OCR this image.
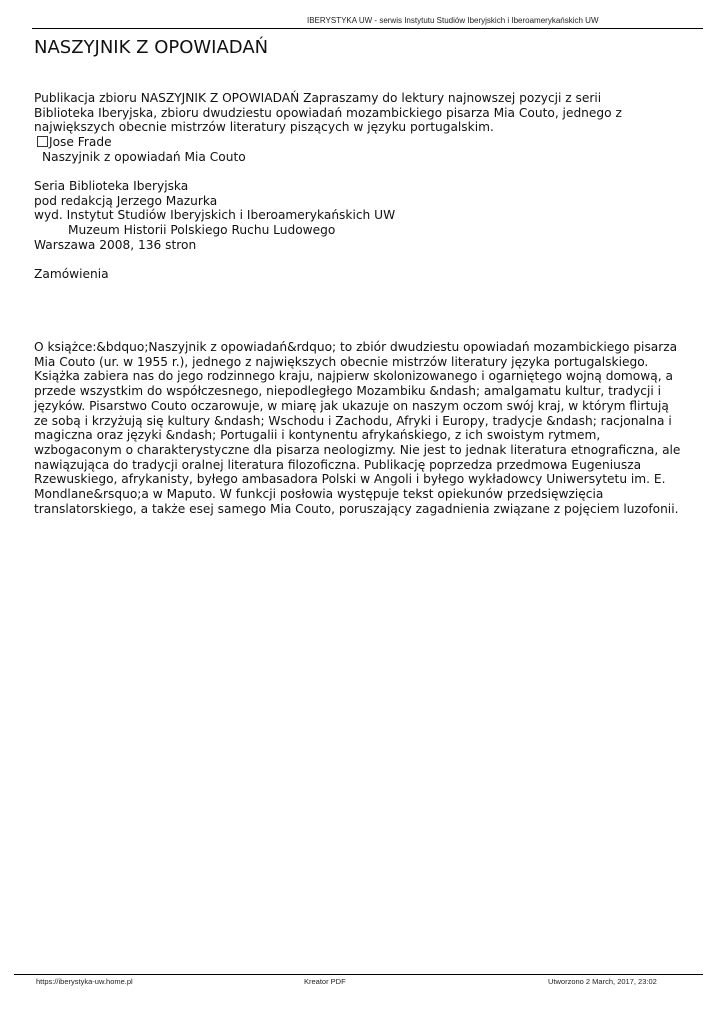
IBERYSTYKA UW - serwis Instytutu Studiów Iberyjskich i Iberoamerykańskich UW
NASZYJNIK Z OPOWIADAŃ

Publikacja zbioru NASZYJNIK Z OPOWIADAŃ Zapraszamy do lektury najnowszej pozycji z serii

Biblioteka Iberyjska, zbioru dwudziestu opowiadań mozambickiego pisarza Mia Couto, jednego z

największych obecnie mistrzów literatury piszących w języku portugalskim.

Jose Frade

Naszyjnik z opowiadań Mia Couto

Seria Biblioteka Iberyjska

pod redakcją Jerzego Mazurka

wyd. Instytut Studiów Iberyjskich i Iberoamerykańskich UW

Muzeum Historii Polskiego Ruchu Ludowego

Warszawa 2008, 136 stron

Zamówienia

O książce:&bdquo;Naszyjnik z opowiadań&rdquo; to zbiór dwudziestu opowiadań mozambickiego pisarza

Mia Couto (ur. w 1955 r.), jednego z największych obecnie mistrzów literatury języka portugalskiego.

Książka zabiera nas do jego rodzinnego kraju, najpierw skolonizowanego i ogarniętego wojną domową, a

przede wszystkim do współczesnego, niepodległego Mozambiku &ndash; amalgamatu kultur, tradycji i

języków. Pisarstwo Couto oczarowuje, w miarę jak ukazuje on naszym oczom swój kraj, w którym flirtują

ze sobą i krzyżują się kultury &ndash; Wschodu i Zachodu, Afryki i Europy, tradycje &ndash; racjonalna i

magiczna oraz języki &ndash; Portugalii i kontynentu afrykańskiego, z ich swoistym rytmem,

wzbogaconym o charakterystyczne dla pisarza neologizmy. Nie jest to jednak literatura etnograficzna, ale

nawiązująca do tradycji oralnej literatura filozoficzna. Publikację poprzedza przedmowa Eugeniusza

Rzewuskiego, afrykanisty, byłego ambasadora Polski w Angoli i byłego wykładowcy Uniwersytetu im. E.

Mondlane&rsquo;a w Maputo. W funkcji posłowia występuje tekst opiekunów przedsięwzięcia

translatorskiego, a także esej samego Mia Couto, poruszający zagadnienia związane z pojęciem luzofonii.

https://iberystyka-uw.home.pl	Kreator PDF	Utworzono 2 March, 2017, 23:02
